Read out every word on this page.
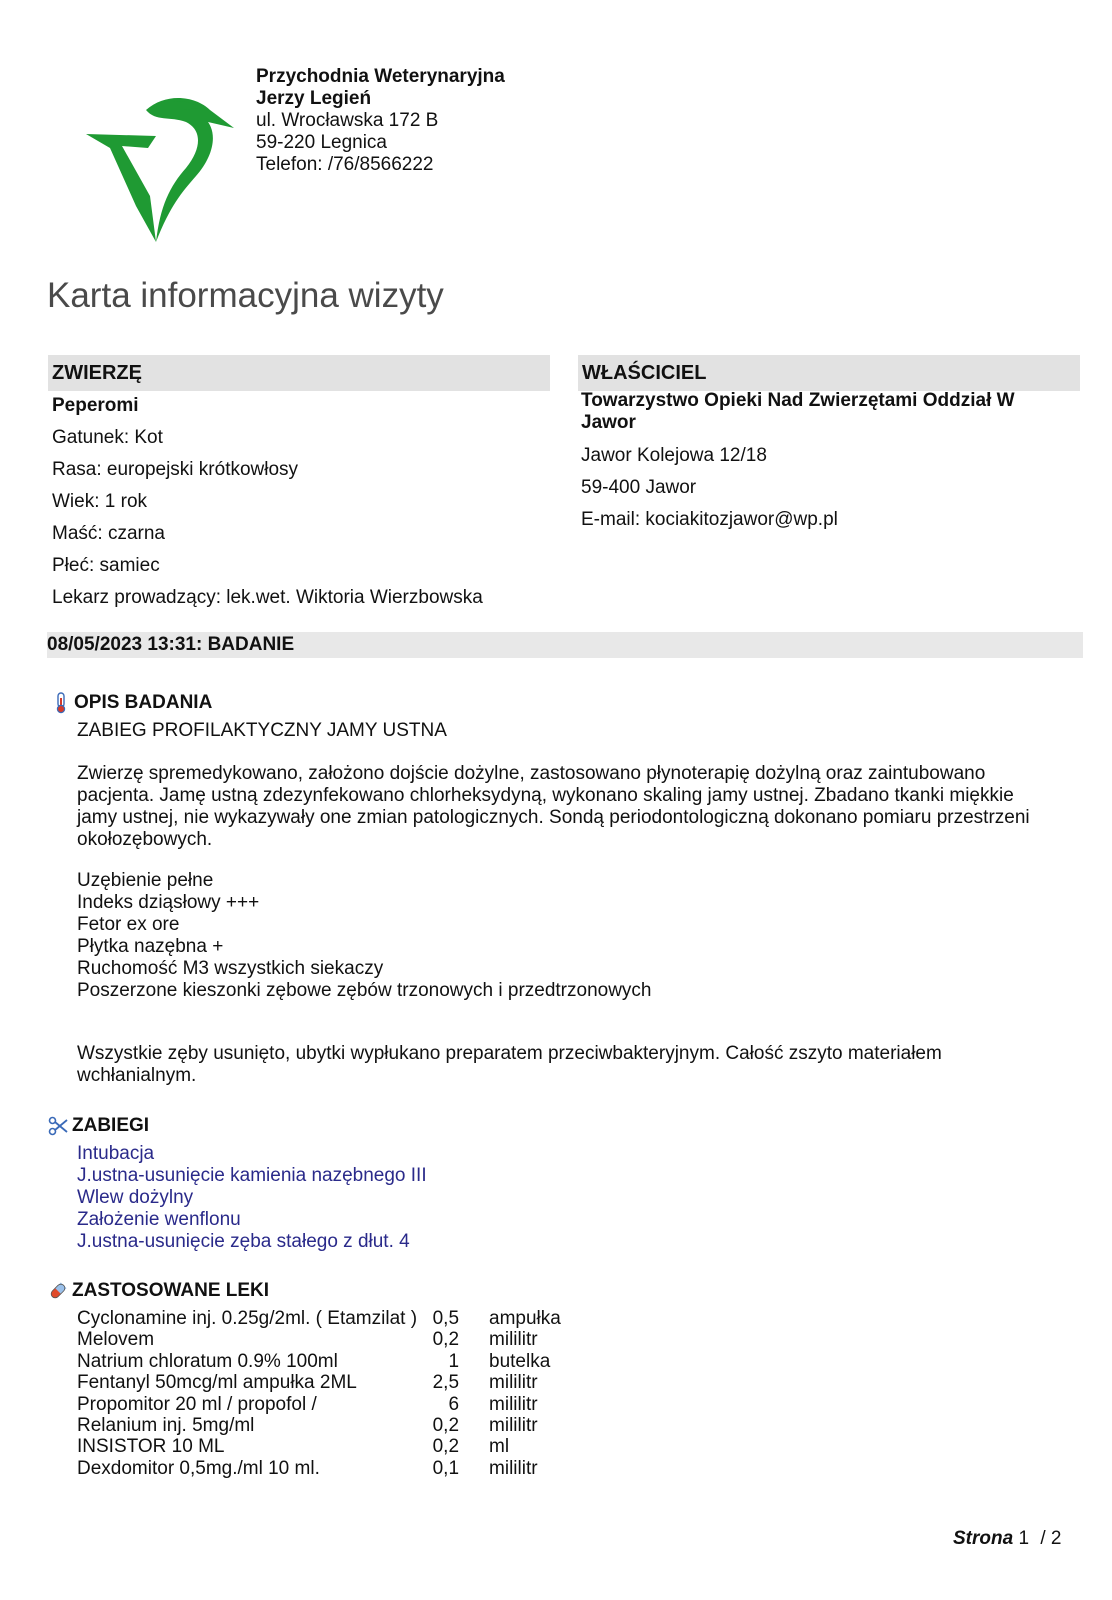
Przychodnia Weterynaryjna
Jerzy Legień
ul. Wrocławska 172 B
59-220 Legnica
Telefon: /76/8566222
Karta informacyjna wizyty
ZWIERZĘ	WŁAŚCICIEL
Peperomi
Gatunek: Kot
Rasa: europejski krótkowłosy
Wiek: 1 rok
Maść: czarna
Płeć: samiec
Lekarz prowadzący: lek.wet. Wiktoria Wierzbowska
Towarzystwo Opieki Nad Zwierzętami Oddział W Jawor
Jawor Kolejowa 12/18
59-400 Jawor
E-mail: kociakitozjawor@wp.pl
08/05/2023 13:31: BADANIE
OPIS BADANIA
ZABIEG PROFILAKTYCZNY JAMY USTNA
Zwierzę spremedykowano, założono dojście dożylne, zastosowano płynoterapię dożylną oraz zaintubowano
pacjenta. Jamę ustną zdezynfekowano chlorheksydyną, wykonano skaling jamy ustnej. Zbadano tkanki miękkie
jamy ustnej, nie wykazywały one zmian patologicznych. Sondą periodontologiczną dokonano pomiaru przestrzeni
okołozębowych.
Uzębienie pełne
Indeks dziąsłowy +++
Fetor ex ore
Płytka nazębna +
Ruchomość M3 wszystkich siekaczy
Poszerzone kieszonki zębowe zębów trzonowych i przedtrzonowych
Wszystkie zęby usunięto, ubytki wypłukano preparatem przeciwbakteryjnym. Całość zszyto materiałem
wchłanialnym.
ZABIEGI
Intubacja
J.ustna-usunięcie kamienia nazębnego III
Wlew dożylny
Założenie wenflonu
J.ustna-usunięcie zęba stałego z dłut. 4
ZASTOSOWANE LEKI
Cyclonamine inj. 0.25g/2ml. ( Etamzilat )	0,5	ampułka
Melovem	0,2	mililitr
Natrium chloratum 0.9% 100ml	1	butelka
Fentanyl 50mcg/ml ampułka 2ML	2,5	mililitr
Propomitor 20 ml / propofol /	6	mililitr
Relanium inj. 5mg/ml	0,2	mililitr
INSISTOR 10 ML	0,2	ml
Dexdomitor 0,5mg./ml 10 ml.	0,1	mililitr
Strona 1 / 2
